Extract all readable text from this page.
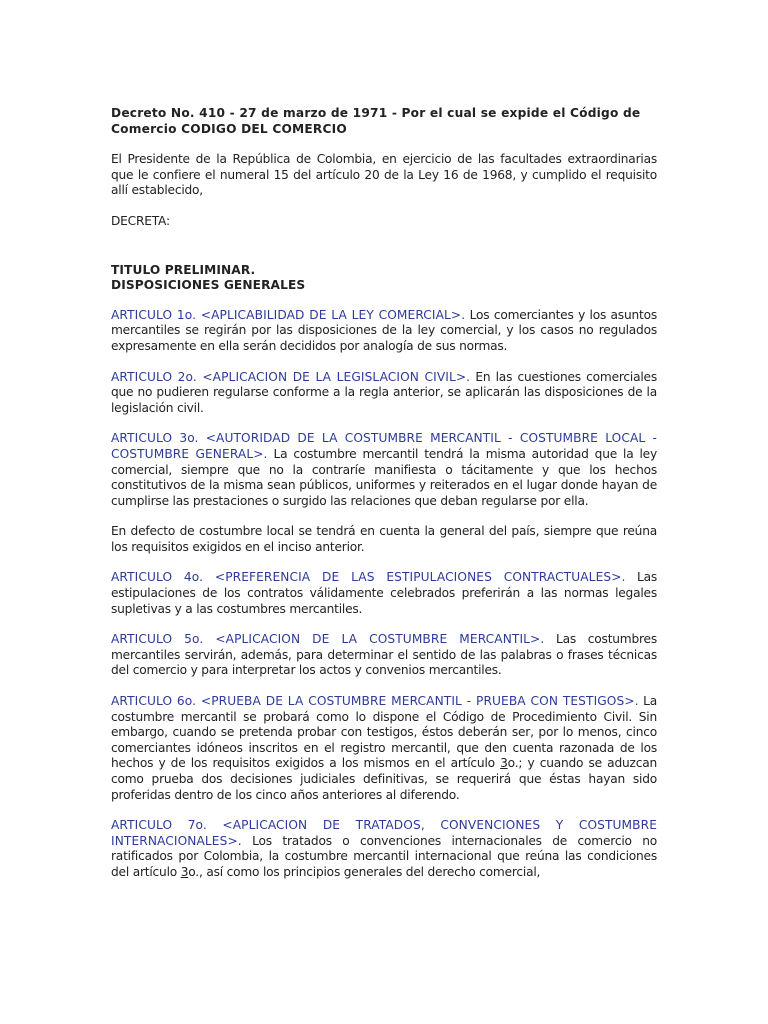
Decreto No. 410 - 27 de marzo de 1971 - Por el cual se expide el Código de Comercio CODIGO DEL COMERCIO

El Presidente de la República de Colombia, en ejercicio de las facultades extraordinarias que le confiere el numeral 15 del artículo 20 de la Ley 16 de 1968, y cumplido el requisito allí establecido,

DECRETA:

TITULO PRELIMINAR.
DISPOSICIONES GENERALES

ARTICULO 1o. <APLICABILIDAD DE LA LEY COMERCIAL>. Los comerciantes y los asuntos mercantiles se regirán por las disposiciones de la ley comercial, y los casos no regulados expresamente en ella serán decididos por analogía de sus normas.

ARTICULO 2o. <APLICACION DE LA LEGISLACION CIVIL>. En las cuestiones comerciales que no pudieren regularse conforme a la regla anterior, se aplicarán las disposiciones de la legislación civil.

ARTICULO 3o. <AUTORIDAD DE LA COSTUMBRE MERCANTIL - COSTUMBRE LOCAL - COSTUMBRE GENERAL>. La costumbre mercantil tendrá la misma autoridad que la ley comercial, siempre que no la contraríe manifiesta o tácitamente y que los hechos constitutivos de la misma sean públicos, uniformes y reiterados en el lugar donde hayan de cumplirse las prestaciones o surgido las relaciones que deban regularse por ella.

En defecto de costumbre local se tendrá en cuenta la general del país, siempre que reúna los requisitos exigidos en el inciso anterior.

ARTICULO 4o. <PREFERENCIA DE LAS ESTIPULACIONES CONTRACTUALES>. Las estipulaciones de los contratos válidamente celebrados preferirán a las normas legales supletivas y a las costumbres mercantiles.

ARTICULO 5o. <APLICACION DE LA COSTUMBRE MERCANTIL>. Las costumbres mercantiles servirán, además, para determinar el sentido de las palabras o frases técnicas del comercio y para interpretar los actos y convenios mercantiles.

ARTICULO 6o. <PRUEBA DE LA COSTUMBRE MERCANTIL - PRUEBA CON TESTIGOS>. La costumbre mercantil se probará como lo dispone el Código de Procedimiento Civil. Sin embargo, cuando se pretenda probar con testigos, éstos deberán ser, por lo menos, cinco comerciantes idóneos inscritos en el registro mercantil, que den cuenta razonada de los hechos y de los requisitos exigidos a los mismos en el artículo 3o.; y cuando se aduzcan como prueba dos decisiones judiciales definitivas, se requerirá que éstas hayan sido proferidas dentro de los cinco años anteriores al diferendo.

ARTICULO 7o. <APLICACION DE TRATADOS, CONVENCIONES Y COSTUMBRE INTERNACIONALES>. Los tratados o convenciones internacionales de comercio no ratificados por Colombia, la costumbre mercantil internacional que reúna las condiciones del artículo 3o., así como los principios generales del derecho comercial,
